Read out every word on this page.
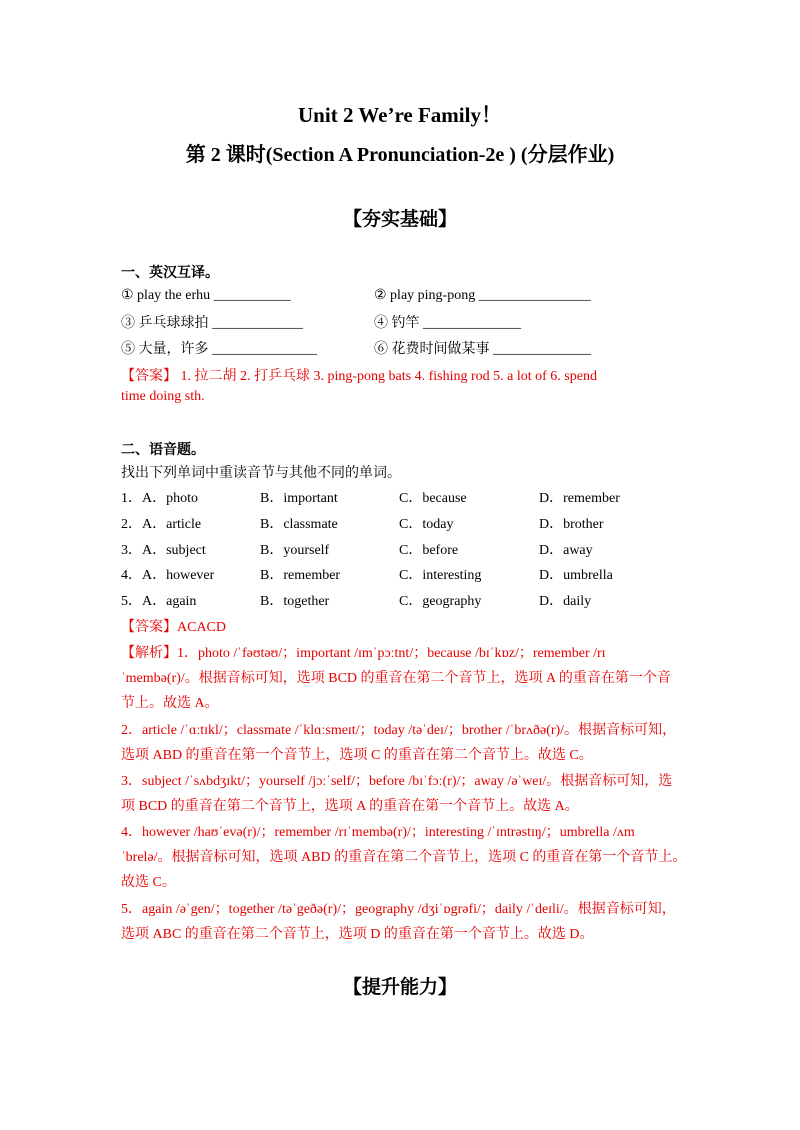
Unit 2 We’re Family！
第 2 课时(Section A Pronunciation-2e ) (分层作业)
【夯实基础】
一、英汉互译。
① play the erhu ___________	② play ping-pong ________________
③ 乒乓球球拍 _____________	④ 钓竿 ______________
⑤ 大量，许多 _______________	⑥ 花费时间做某事 ______________
【答案】 1. 拉二胡 2. 打乒乓球 3. ping-pong bats 4. fishing rod 5. a lot of 6. spend
time doing sth.
二、语音题。
找出下列单词中重读音节与其他不同的单词。
1．A．photo	B．important	C．because	D．remember
2．A．article	B．classmate	C．today	D．brother
3．A．subject	B．yourself	C．before	D．away
4．A．however	B．remember	C．interesting	D．umbrella
5．A．again	B．together	C．geography	D．daily
【答案】ACACD
【解析】1．photo /ˈfəʊtəʊ/；important /ɪmˈpɔːtnt/；because /bɪˈkɒz/；remember /rɪ
ˈmembə(r)/。根据音标可知，选项 BCD 的重音在第二个音节上，选项 A 的重音在第一个音
节上。故选 A。
2．article /ˈɑːtɪkl/；classmate /ˈklɑːsmeɪt/；today /təˈdeɪ/；brother /ˈbrʌðə(r)/。根据音标可知，
选项 ABD 的重音在第一个音节上，选项 C 的重音在第二个音节上。故选 C。
3．subject /ˈsʌbdʒɪkt/；yourself /jɔːˈself/；before /bɪˈfɔː(r)/；away /əˈweɪ/。根据音标可知，选
项 BCD 的重音在第二个音节上，选项 A 的重音在第一个音节上。故选 A。
4．however /haʊˈevə(r)/；remember /rɪˈmembə(r)/；interesting /ˈɪntrəstɪŋ/；umbrella /ʌm
ˈbrelə/。根据音标可知，选项 ABD 的重音在第二个音节上，选项 C 的重音在第一个音节上。
故选 C。
5．again /əˈgen/；together /təˈgeðə(r)/；geography /dʒiˈɒgrəfi/；daily /ˈdeɪli/。根据音标可知，
选项 ABC 的重音在第二个音节上，选项 D 的重音在第一个音节上。故选 D。
【提升能力】
